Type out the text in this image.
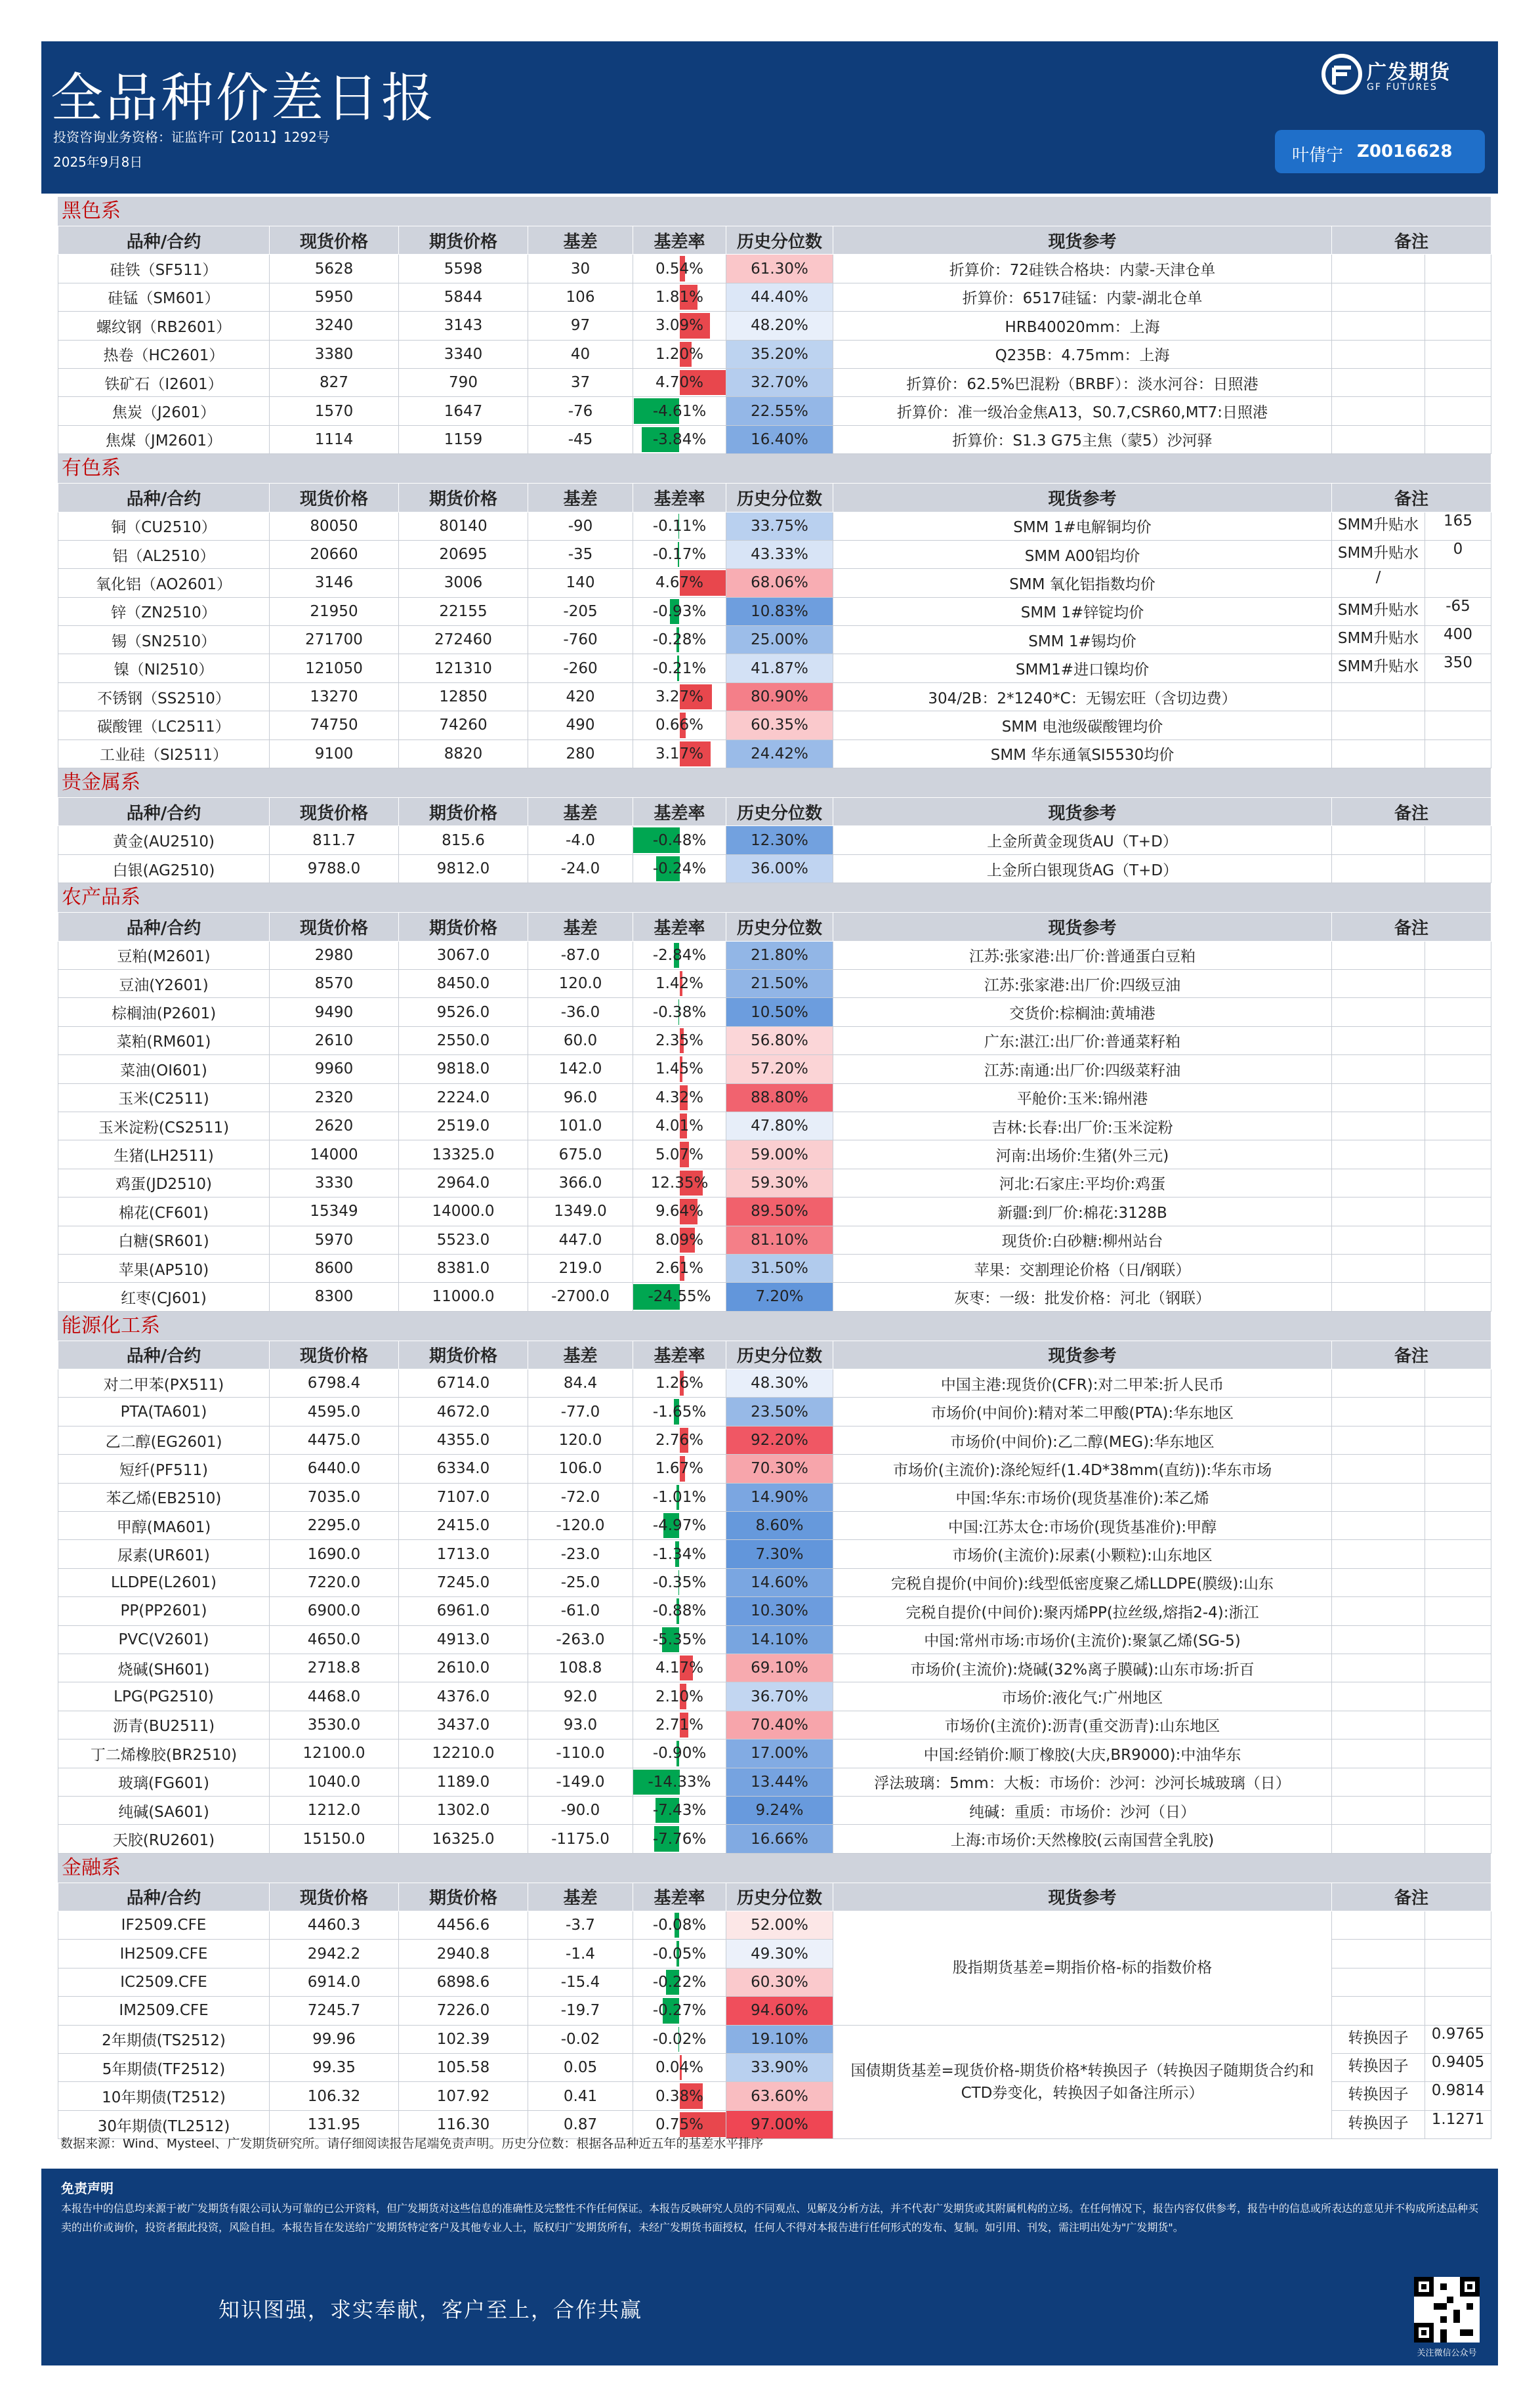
全品种价差日报
投资咨询业务资格：证监许可【2011】1292号
2025年9月8日
广发期货
GF FUTURES
叶倩宁 Z0016628
黑色系
品种/合约	现货价格	期货价格	基差	基差率	历史分位数	现货参考	备注
硅铁（SF511）	5628	5598	30	0.54%	61.30%	折算价：72硅铁合格块：内蒙-天津仓单	

硅锰（SM601）	5950	5844	106	1.81%	44.40%	折算价：6517硅锰：内蒙-湖北仓单	

螺纹钢（RB2601）	3240	3143	97	3.09%	48.20%	HRB40020mm：上海	

热卷（HC2601）	3380	3340	40	1.20%	35.20%	Q235B：4.75mm：上海	

铁矿石（I2601）	827	790	37	4.70%	32.70%	折算价：62.5%巴混粉（BRBF）：淡水河谷：日照港	

焦炭（J2601）	1570	1647	-76	-4.61%	22.55%	折算价：准一级冶金焦A13，S0.7,CSR60,MT7:日照港	

焦煤（JM2601）	1114	1159	-45	-3.84%	16.40%	折算价：S1.3 G75主焦（蒙5）沙河驿	
有色系
品种/合约	现货价格	期货价格	基差	基差率	历史分位数	现货参考	备注
铜（CU2510）	80050	80140	-90	-0.11%	33.75%	SMM 1#电解铜均价	SMM升贴水 165

铝（AL2510）	20660	20695	-35	-0.17%	43.33%	SMM A00铝均价	SMM升贴水 0

氧化铝（AO2601）	3146	3006	140	4.67%	68.06%	SMM 氧化铝指数均价	/

锌（ZN2510）	21950	22155	-205	-0.93%	10.83%	SMM 1#锌锭均价	SMM升贴水 -65

锡（SN2510）	271700	272460	-760	-0.28%	25.00%	SMM 1#锡均价	SMM升贴水 400

镍（NI2510）	121050	121310	-260	-0.21%	41.87%	SMM1#进口镍均价	SMM升贴水 350

不锈钢（SS2510）	13270	12850	420	3.27%	80.90%	304/2B：2*1240*C：无锡宏旺（含切边费）	

碳酸锂（LC2511）	74750	74260	490	0.66%	60.35%	SMM 电池级碳酸锂均价	

工业硅（SI2511）	9100	8820	280	3.17%	24.42%	SMM 华东通氧SI5530均价	
贵金属系
品种/合约	现货价格	期货价格	基差	基差率	历史分位数	现货参考	备注
黄金(AU2510)	811.7	815.6	-4.0	-0.48%	12.30%	上金所黄金现货AU（T+D）	

白银(AG2510)	9788.0	9812.0	-24.0	-0.24%	36.00%	上金所白银现货AG（T+D）	
农产品系
品种/合约	现货价格	期货价格	基差	基差率	历史分位数	现货参考	备注
豆粕(M2601)	2980	3067.0	-87.0	-2.84%	21.80%	江苏:张家港:出厂价:普通蛋白豆粕	

豆油(Y2601)	8570	8450.0	120.0	1.42%	21.50%	江苏:张家港:出厂价:四级豆油	

棕榈油(P2601)	9490	9526.0	-36.0	-0.38%	10.50%	交货价:棕榈油:黄埔港	

菜粕(RM601)	2610	2550.0	60.0	2.35%	56.80%	广东:湛江:出厂价:普通菜籽粕	

菜油(OI601)	9960	9818.0	142.0	1.45%	57.20%	江苏:南通:出厂价:四级菜籽油	

玉米(C2511)	2320	2224.0	96.0	4.32%	88.80%	平舱价:玉米:锦州港	

玉米淀粉(CS2511)	2620	2519.0	101.0	4.01%	47.80%	吉林:长春:出厂价:玉米淀粉	

生猪(LH2511)	14000	13325.0	675.0	5.07%	59.00%	河南:出场价:生猪(外三元)	

鸡蛋(JD2510)	3330	2964.0	366.0	12.35%	59.30%	河北:石家庄:平均价:鸡蛋	

棉花(CF601)	15349	14000.0	1349.0	9.64%	89.50%	新疆:到厂价:棉花:3128B	

白糖(SR601)	5970	5523.0	447.0	8.09%	81.10%	现货价:白砂糖:柳州站台	

苹果(AP510)	8600	8381.0	219.0	2.61%	31.50%	苹果：交割理论价格（日/钢联）	

红枣(CJ601)	8300	11000.0	-2700.0	-24.55%	7.20%	灰枣：一级：批发价格：河北（钢联）	
能源化工系
品种/合约	现货价格	期货价格	基差	基差率	历史分位数	现货参考	备注
对二甲苯(PX511)	6798.4	6714.0	84.4	1.26%	48.30%	中国主港:现货价(CFR):对二甲苯:折人民币	

PTA(TA601)	4595.0	4672.0	-77.0	-1.65%	23.50%	市场价(中间价):精对苯二甲酸(PTA):华东地区	

乙二醇(EG2601)	4475.0	4355.0	120.0	2.76%	92.20%	市场价(中间价):乙二醇(MEG):华东地区	

短纤(PF511)	6440.0	6334.0	106.0	1.67%	70.30%	市场价(主流价):涤纶短纤(1.4D*38mm(直纺)):华东市场	

苯乙烯(EB2510)	7035.0	7107.0	-72.0	-1.01%	14.90%	中国:华东:市场价(现货基准价):苯乙烯	

甲醇(MA601)	2295.0	2415.0	-120.0	-4.97%	8.60%	中国:江苏太仓:市场价(现货基准价):甲醇	

尿素(UR601)	1690.0	1713.0	-23.0	-1.34%	7.30%	市场价(主流价):尿素(小颗粒):山东地区	

LLDPE(L2601)	7220.0	7245.0	-25.0	-0.35%	14.60%	完税自提价(中间价):线型低密度聚乙烯LLDPE(膜级):山东	

PP(PP2601)	6900.0	6961.0	-61.0	-0.88%	10.30%	完税自提价(中间价):聚丙烯PP(拉丝级,熔指2-4):浙江	

PVC(V2601)	4650.0	4913.0	-263.0	-5.35%	14.10%	中国:常州市场:市场价(主流价):聚氯乙烯(SG-5)	

烧碱(SH601)	2718.8	2610.0	108.8	4.17%	69.10%	市场价(主流价):烧碱(32%离子膜碱):山东市场:折百	

LPG(PG2510)	4468.0	4376.0	92.0	2.10%	36.70%	市场价:液化气:广州地区	

沥青(BU2511)	3530.0	3437.0	93.0	2.71%	70.40%	市场价(主流价):沥青(重交沥青):山东地区	

丁二烯橡胶(BR2510)	12100.0	12210.0	-110.0	-0.90%	17.00%	中国:经销价:顺丁橡胶(大庆,BR9000):中油华东	

玻璃(FG601)	1040.0	1189.0	-149.0	-14.33%	13.44%	浮法玻璃：5mm：大板：市场价：沙河：沙河长城玻璃（日）	

纯碱(SA601)	1212.0	1302.0	-90.0	-7.43%	9.24%	纯碱：重质：市场价：沙河（日）	

天胶(RU2601)	15150.0	16325.0	-1175.0	-7.76%	16.66%	上海:市场价:天然橡胶(云南国营全乳胶)	
金融系
品种/合约	现货价格	期货价格	基差	基差率	历史分位数	现货参考	备注
IF2509.CFE	4460.3	4456.6	-3.7	-0.08%	52.00%	股指期货基差=期指价格-标的指数价格	

IH2509.CFE	2942.2	2940.8	-1.4	-0.05%	49.30%		

IC2509.CFE	6914.0	6898.6	-15.4	-0.22%	60.30%		

IM2509.CFE	7245.7	7226.0	-19.7	-0.27%	94.60%		

2年期债(TS2512)	99.96	102.39	-0.02	-0.02%	19.10%	国债期货基差=现货价格-期货价格*转换因子（转换因子随期货合约和CTD券变化，转换因子如备注所示）	转换因子 0.9765

5年期债(TF2512)	99.35	105.58	0.05	0.04%	33.90%		转换因子 0.9405

10年期债(T2512)	106.32	107.92	0.41	0.38%	63.60%		转换因子 0.9814

30年期债(TL2512)	131.95	116.30	0.87	0.75%	97.00%		转换因子 1.1271
数据来源：Wind、Mysteel、广发期货研究所。请仔细阅读报告尾端免责声明。历史分位数：根据各品种近五年的基差水平排序
免责声明
本报告中的信息均来源于被广发期货有限公司认为可靠的已公开资料，但广发期货对这些信息的准确性及完整性不作任何保证。本报告反映研究人员的不同观点、见解及分析方法，并不代表广发期货或其附属机构的立场。在任何情况下，报告内容仅供参考，报告中的信息或所表达的意见并不构成所述品种买卖的出价或询价，投资者据此投资，风险自担。本报告旨在发送给广发期货特定客户及其他专业人士，版权归广发期货所有，未经广发期货书面授权，任何人不得对本报告进行任何形式的发布、复制。如引用、刊发，需注明出处为"广发期货"。
知识图强，求实奉献，客户至上，合作共赢
关注微信公众号
